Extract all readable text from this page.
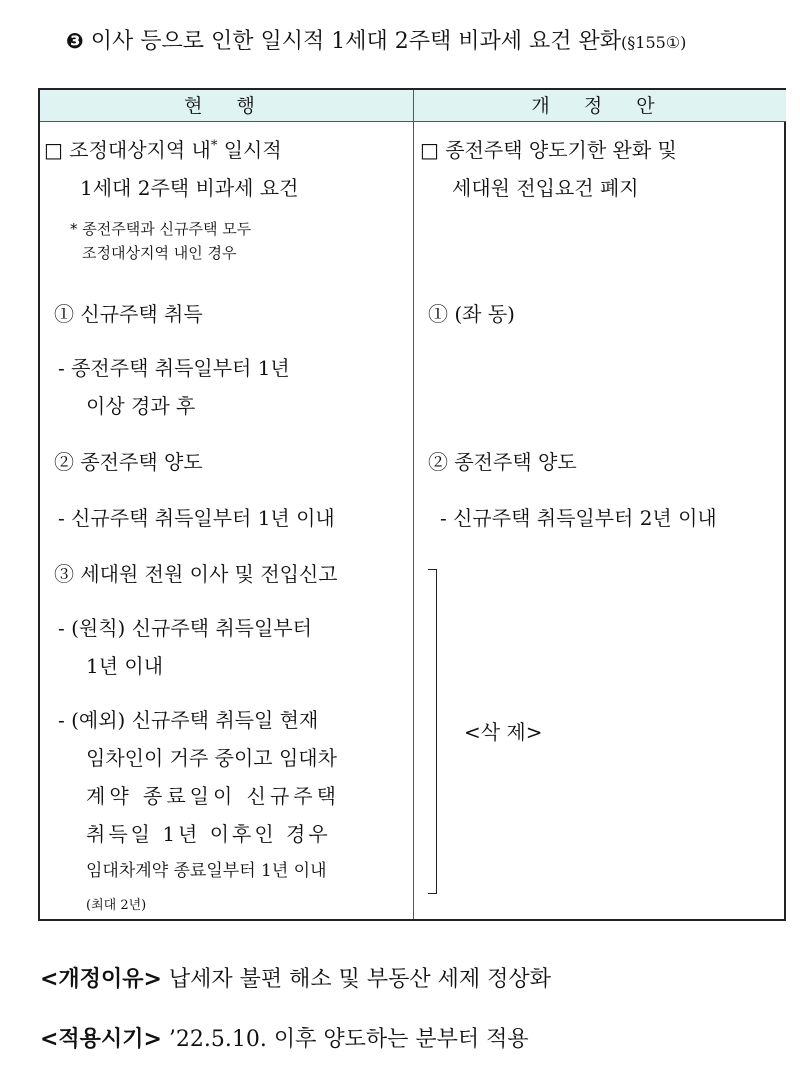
❸ 이사 등으로 인한 일시적 1세대 2주택 비과세 요건 완화(§155①)
현 행	개 정 안
□ 조정대상지역 내* 일시적
1세대 2주택 비과세 요건
* 종전주택과 신규주택 모두
조정대상지역 내인 경우
① 신규주택 취득
- 종전주택 취득일부터 1년
이상 경과 후
② 종전주택 양도
- 신규주택 취득일부터 1년 이내
③ 세대원 전원 이사 및 전입신고
- (원칙) 신규주택 취득일부터
1년 이내
- (예외) 신규주택 취득일 현재
임차인이 거주 중이고 임대차
계약 종료일이 신규주택
취득일 1년 이후인 경우
임대차계약 종료일부터 1년 이내
(최대 2년)
□ 종전주택 양도기한 완화 및
세대원 전입요건 폐지
① (좌 동)
② 종전주택 양도
- 신규주택 취득일부터 2년 이내
<삭 제>
<개정이유> 납세자 불편 해소 및 부동산 세제 정상화
<적용시기> ’22.5.10. 이후 양도하는 분부터 적용
